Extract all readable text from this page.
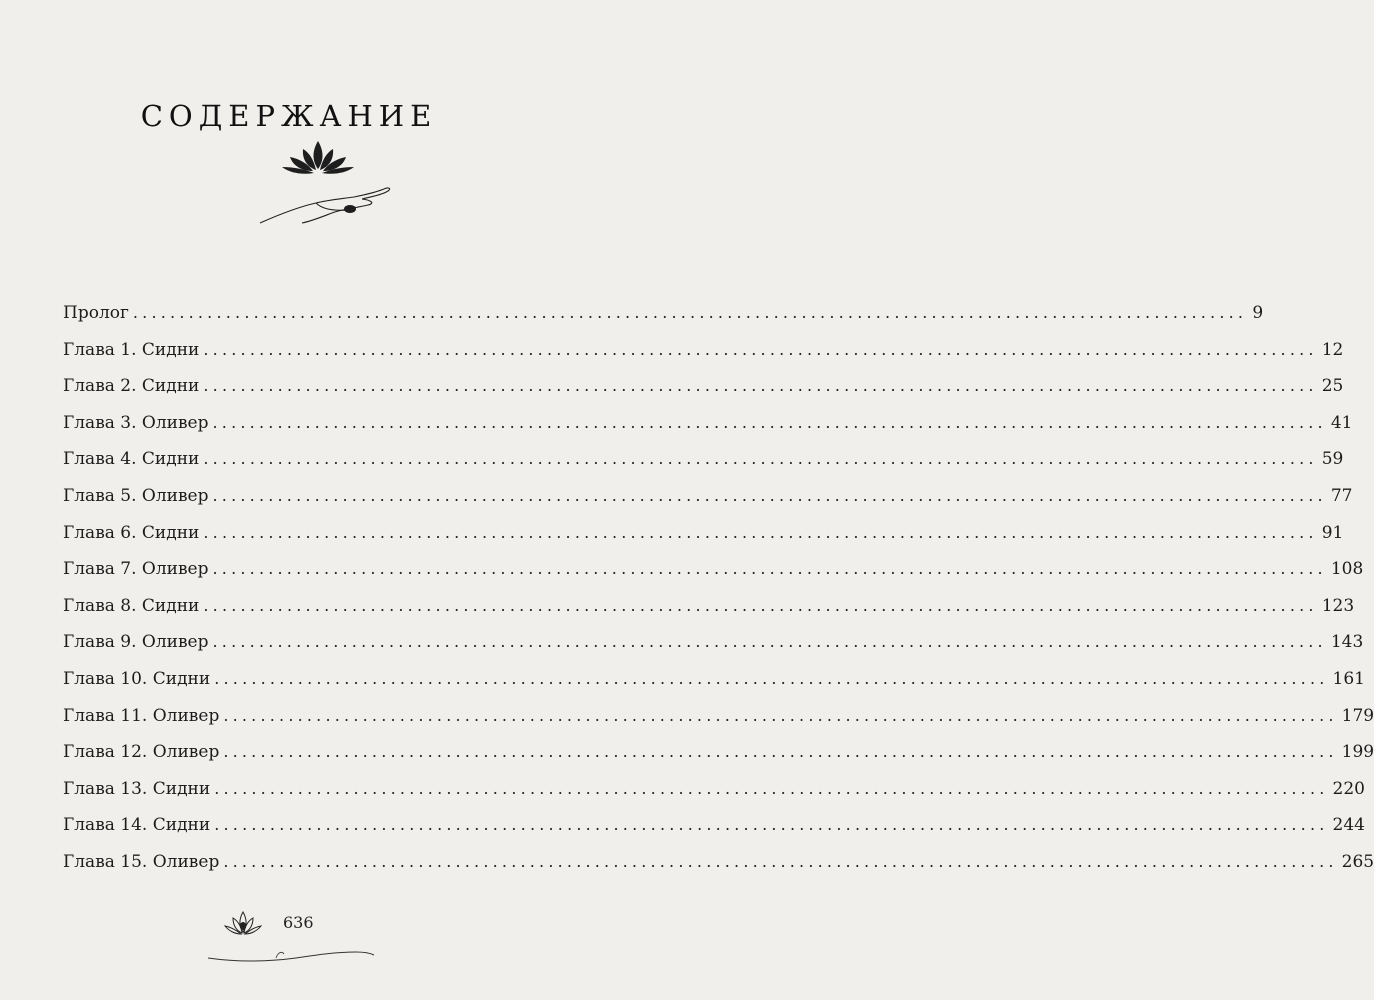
СОДЕРЖАНИЕ
Пролог ........................................................................................................................ 9
Глава 1. Сидни ........................................................................................................................ 12
Глава 2. Сидни ........................................................................................................................ 25
Глава 3. Оливер ........................................................................................................................ 41
Глава 4. Сидни ........................................................................................................................ 59
Глава 5. Оливер ........................................................................................................................ 77
Глава 6. Сидни ........................................................................................................................ 91
Глава 7. Оливер ........................................................................................................................ 108
Глава 8. Сидни ........................................................................................................................ 123
Глава 9. Оливер ........................................................................................................................ 143
Глава 10. Сидни ........................................................................................................................ 161
Глава 11. Оливер ........................................................................................................................ 179
Глава 12. Оливер ........................................................................................................................ 199
Глава 13. Сидни ........................................................................................................................ 220
Глава 14. Сидни ........................................................................................................................ 244
Глава 15. Оливер ........................................................................................................................ 265
636
